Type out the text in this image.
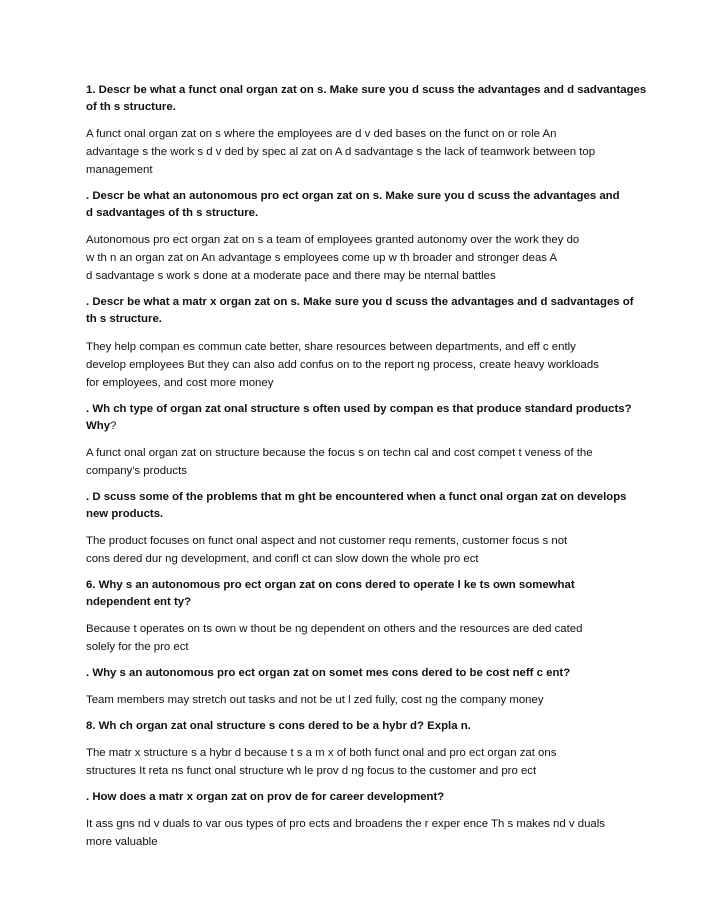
1. Descr be what a funct onal organ zat on s. Make sure you d scuss the advantages and d sadvantages
of th s structure.
A funct onal organ zat on s where the employees are d v ded bases on the funct on or role An
advantage s the work s d v ded by spec al zat on A d sadvantage s the lack of teamwork between top
management
. Descr be what an autonomous pro ect organ zat on s. Make sure you d scuss the advantages and
d sadvantages of th s structure.
Autonomous pro ect organ zat on s a team of employees granted autonomy over the work they do
w th n an organ zat on An advantage s employees come up w th broader and stronger deas A
d sadvantage s work s done at a moderate pace and there may be nternal battles
. Descr be what a matr x organ zat on s. Make sure you d scuss the advantages and d sadvantages of
th s structure.
They help compan es commun cate better, share resources between departments, and eff c ently
develop employees But they can also add confus on to the report ng process, create heavy workloads
for employees, and cost more money
. Wh ch type of organ zat onal structure s often used by compan es that produce standard products?
Why?
A funct onal organ zat on structure because the focus s on techn cal and cost compet t veness of the
company's products
. D scuss some of the problems that m ght be encountered when a funct onal organ zat on develops
new products.
The product focuses on funct onal aspect and not customer requ rements, customer focus s not
cons dered dur ng development, and confl ct can slow down the whole pro ect
6. Why s an autonomous pro ect organ zat on cons dered to operate l ke ts own somewhat
ndependent ent ty?
Because t operates on ts own w thout be ng dependent on others and the resources are ded cated
solely for the pro ect
. Why s an autonomous pro ect organ zat on somet mes cons dered to be cost neff c ent?
Team members may stretch out tasks and not be ut l zed fully, cost ng the company money
8. Wh ch organ zat onal structure s cons dered to be a hybr d? Expla n.
The matr x structure s a hybr d because t s a m x of both funct onal and pro ect organ zat ons
structures It reta ns funct onal structure wh le prov d ng focus to the customer and pro ect
. How does a matr x organ zat on prov de for career development?
It ass gns nd v duals to var ous types of pro ects and broadens the r exper ence Th s makes nd v duals
more valuable
